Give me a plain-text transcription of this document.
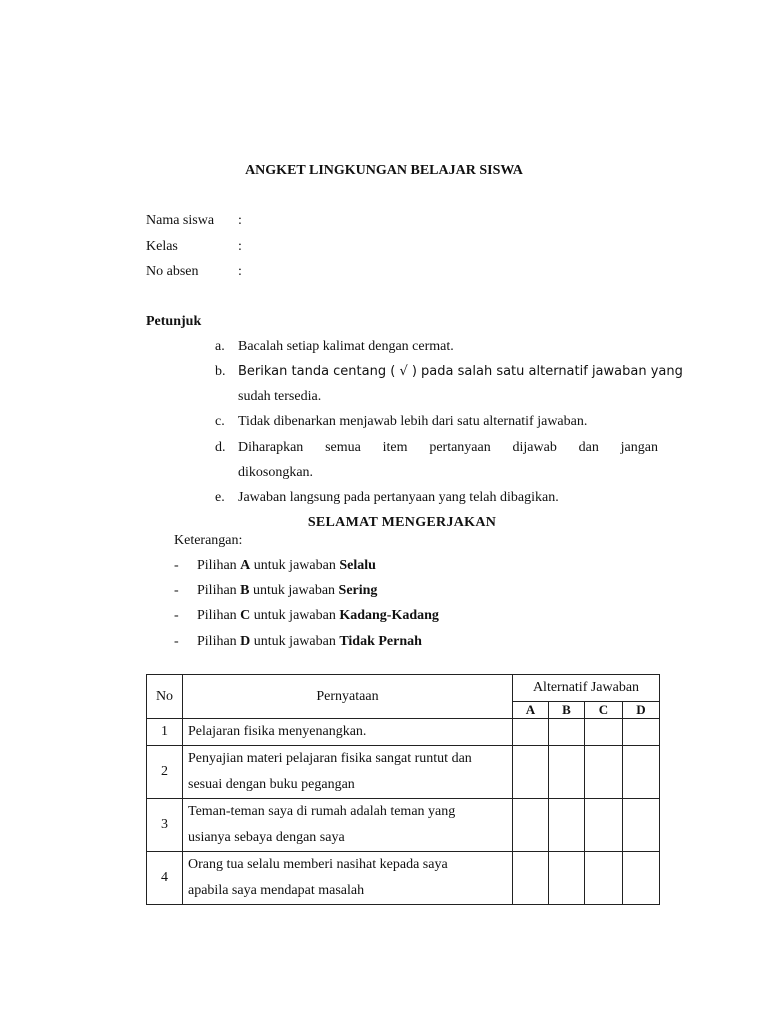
ANGKET LINGKUNGAN BELAJAR SISWA
Nama siswa :
Kelas	:
No absen	:
Petunjuk
a. Bacalah setiap kalimat dengan cermat.
b. Berikan tanda centang ( √ ) pada salah satu alternatif jawaban yang
sudah tersedia.
c. Tidak dibenarkan menjawab lebih dari satu alternatif jawaban.
d. Diharapkan semua item pertanyaan dijawab dan jangan
dikosongkan.
e. Jawaban langsung pada pertanyaan yang telah dibagikan.
SELAMAT MENGERJAKAN
Keterangan:
- Pilihan A untuk jawaban Selalu
- Pilihan B untuk jawaban Sering
- Pilihan C untuk jawaban Kadang-Kadang
- Pilihan D untuk jawaban Tidak Pernah
No	Pernyataan	Alternatif Jawaban			
		A	B	C	D
1	Pelajaran fisika menyenangkan.				

2	Penyajian materi pelajaran fisika sangat runtut dan
sesuai dengan buku pegangan				

3	Teman-teman saya di rumah adalah teman yang
usianya sebaya dengan saya				

4	Orang tua selalu memberi nasihat kepada saya
apabila saya mendapat masalah				
